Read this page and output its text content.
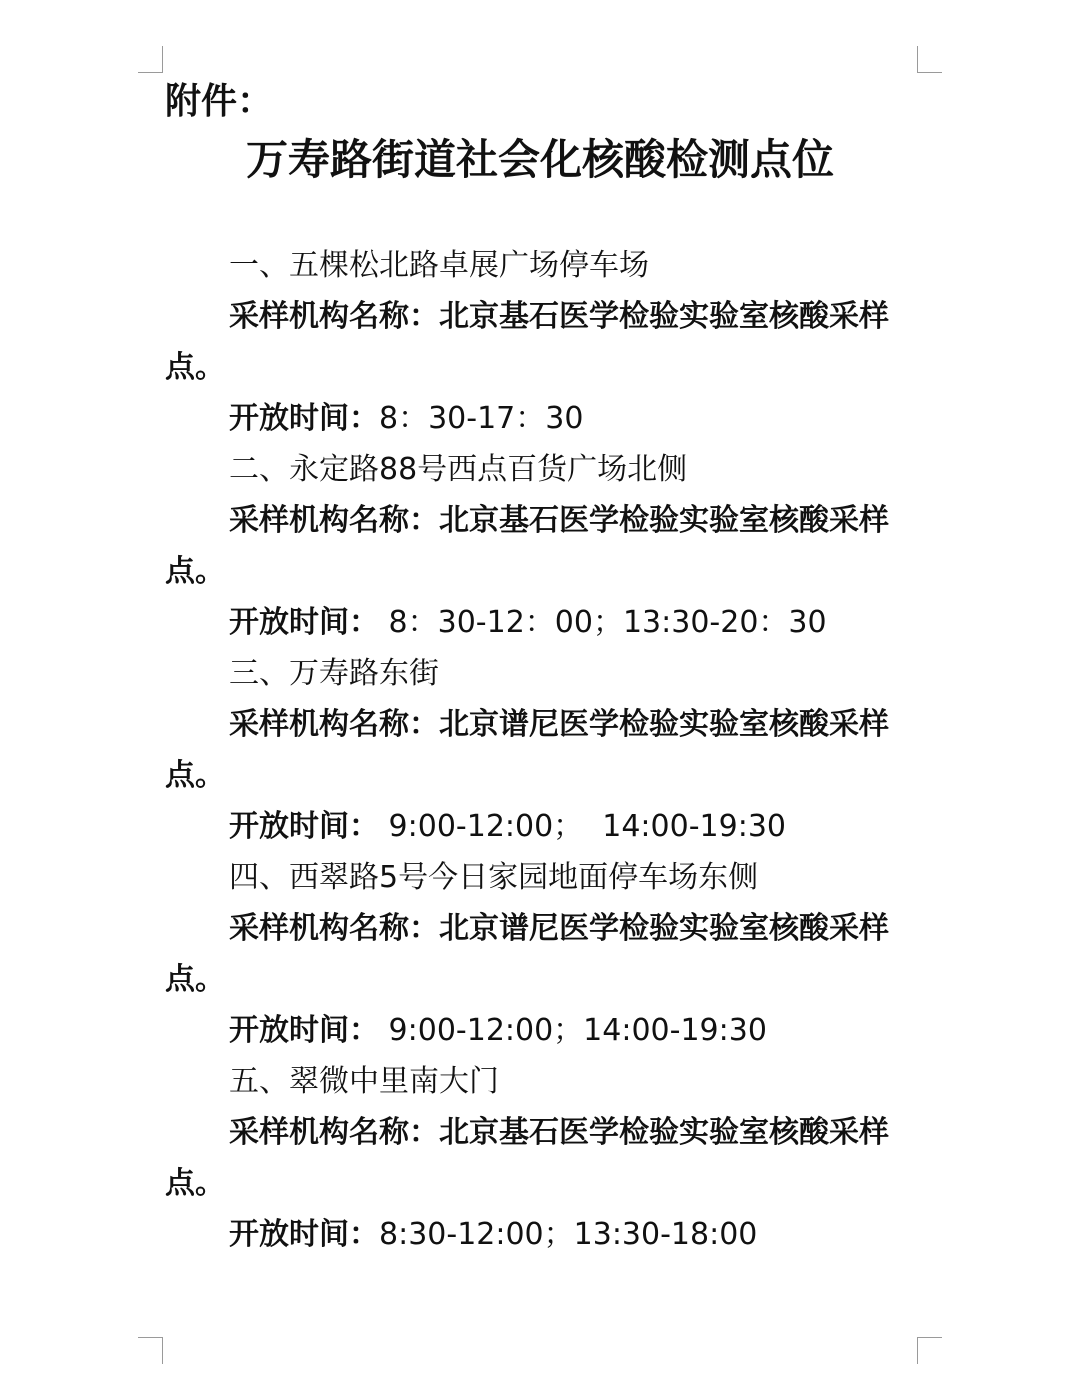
附件：
万寿路街道社会化核酸检测点位
一、五棵松北路卓展广场停车场
采样机构名称：北京基石医学检验实验室核酸采样点。
开放时间：8：30-17：30
二、永定路88号西点百货广场北侧
采样机构名称：北京基石医学检验实验室核酸采样点。
开放时间： 8：30-12：00；13:30-20：30
三、万寿路东街
采样机构名称：北京谱尼医学检验实验室核酸采样点。
开放时间： 9:00-12:00；  14:00-19:30
四、西翠路5号今日家园地面停车场东侧
采样机构名称：北京谱尼医学检验实验室核酸采样点。
开放时间： 9:00-12:00；14:00-19:30
五、翠微中里南大门
采样机构名称：北京基石医学检验实验室核酸采样点。
开放时间：8:30-12:00；13:30-18:00
